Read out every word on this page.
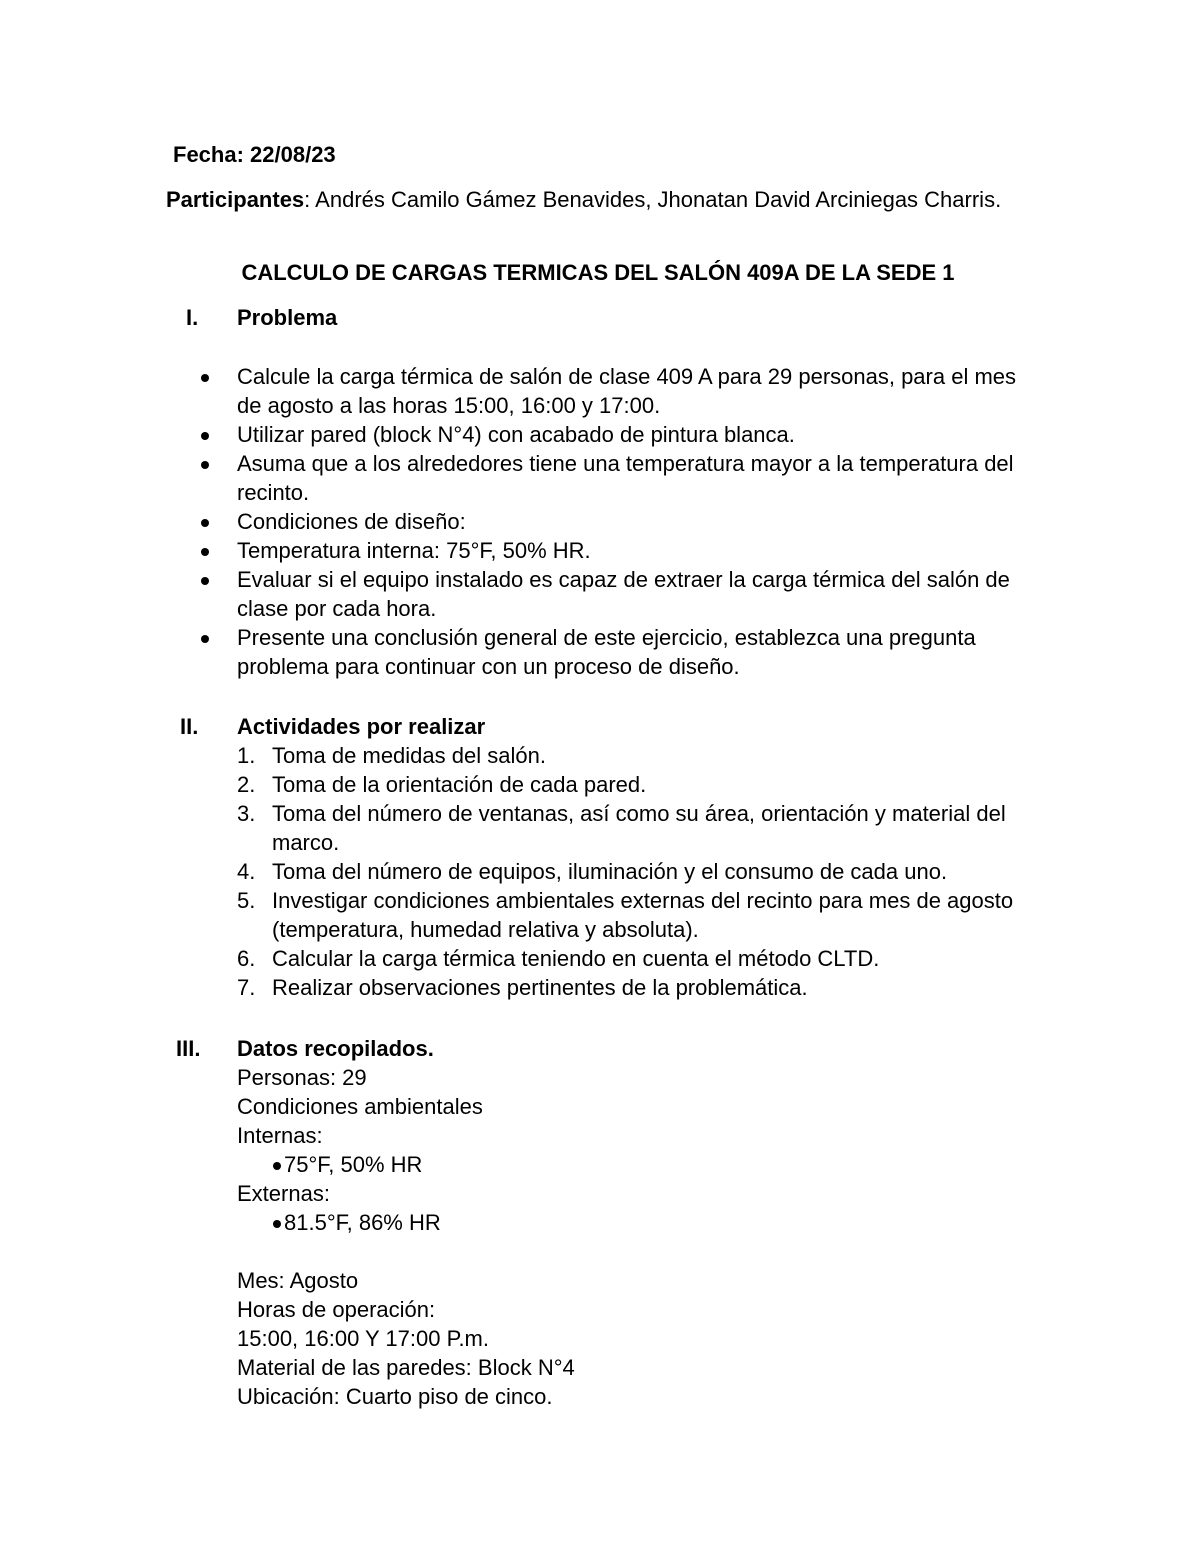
Fecha: 22/08/23
Participantes: Andrés Camilo Gámez Benavides, Jhonatan David Arciniegas Charris.
CALCULO DE CARGAS TERMICAS DEL SALÓN 409A DE LA SEDE 1
I. Problema
Calcule la carga térmica de salón de clase 409 A para 29 personas, para el mes de agosto a las horas 15:00, 16:00 y 17:00.
Utilizar pared (block N°4) con acabado de pintura blanca.
Asuma que a los alrededores tiene una temperatura mayor a la temperatura del recinto.
Condiciones de diseño:
Temperatura interna: 75°F, 50% HR.
Evaluar si el equipo instalado es capaz de extraer la carga térmica del salón de clase por cada hora.
Presente una conclusión general de este ejercicio, establezca una pregunta problema para continuar con un proceso de diseño.
II. Actividades por realizar
1. Toma de medidas del salón.
2. Toma de la orientación de cada pared.
3. Toma del número de ventanas, así como su área, orientación y material del marco.
4. Toma del número de equipos, iluminación y el consumo de cada uno.
5. Investigar condiciones ambientales externas del recinto para mes de agosto (temperatura, humedad relativa y absoluta).
6. Calcular la carga térmica teniendo en cuenta el método CLTD.
7. Realizar observaciones pertinentes de la problemática.
III. Datos recopilados.
Personas: 29
Condiciones ambientales
Internas:
75°F, 50% HR
Externas:
81.5°F, 86% HR
Mes: Agosto
Horas de operación:
15:00, 16:00 Y 17:00 P.m.
Material de las paredes: Block N°4
Ubicación: Cuarto piso de cinco.
